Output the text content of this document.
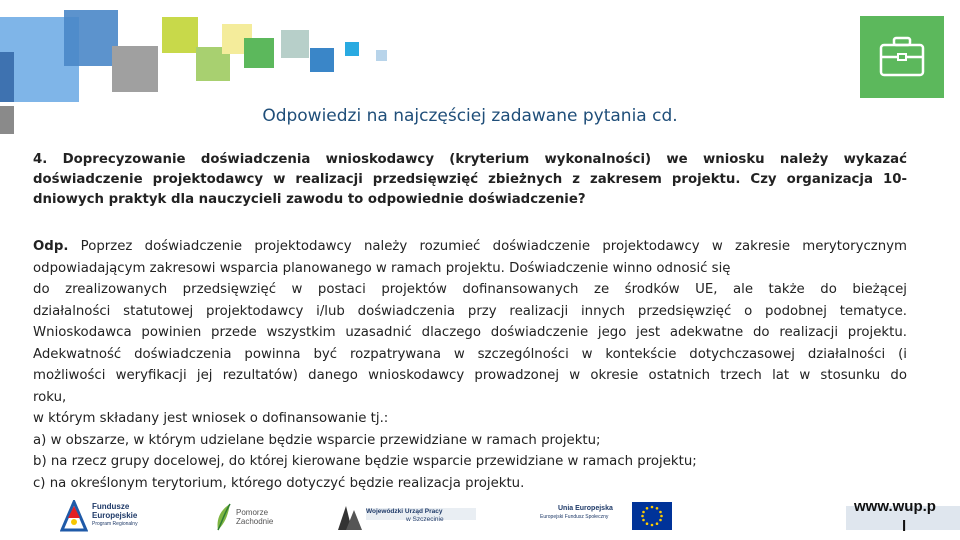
Odpowiedzi na najczęściej zadawane pytania cd.

4. Doprecyzowanie doświadczenia wnioskodawcy (kryterium wykonalności) we wniosku należy wykazać doświadczenie projektodawcy w realizacji przedsięwzięć zbieżnych z zakresem projektu. Czy organizacja 10-dniowych praktyk dla nauczycieli zawodu to odpowiednie doświadczenie?

Odp. Poprzez doświadczenie projektodawcy należy rozumieć doświadczenie projektodawcy w zakresie merytorycznym
odpowiadającym zakresowi wsparcia planowanego w ramach projektu. Doświadczenie winno odnosić się
do zrealizowanych przedsięwzięć w postaci projektów dofinansowanych ze środków UE, ale także do bieżącej
działalności statutowej projektodawcy i/lub doświadczenia przy realizacji innych przedsięwzięć o podobnej tematyce.
Wnioskodawca powinien przede wszystkim uzasadnić dlaczego doświadczenie jego jest adekwatne do realizacji projektu.
Adekwatność doświadczenia powinna być rozpatrywana w szczególności w kontekście dotychczasowej działalności (i
możliwości weryfikacji jej rezultatów) danego wnioskodawcy prowadzonej w okresie ostatnich trzech lat w stosunku do
roku,
w którym składany jest wniosek o dofinansowanie tj.:
a) w obszarze, w którym udzielane będzie wsparcie przewidziane w ramach projektu;
b) na rzecz grupy docelowej, do której kierowane będzie wsparcie przewidziane w ramach projektu;
c) na określonym terytorium, którego dotyczyć będzie realizacja projektu.
Fundusze
Europejskie
Program Regionalny
Pomorze
Zachodnie
Wojewódzki Urząd Pracy
w Szczecinie
Unia Europejska
Europejski Fundusz Społeczny
www.wup.p
l
